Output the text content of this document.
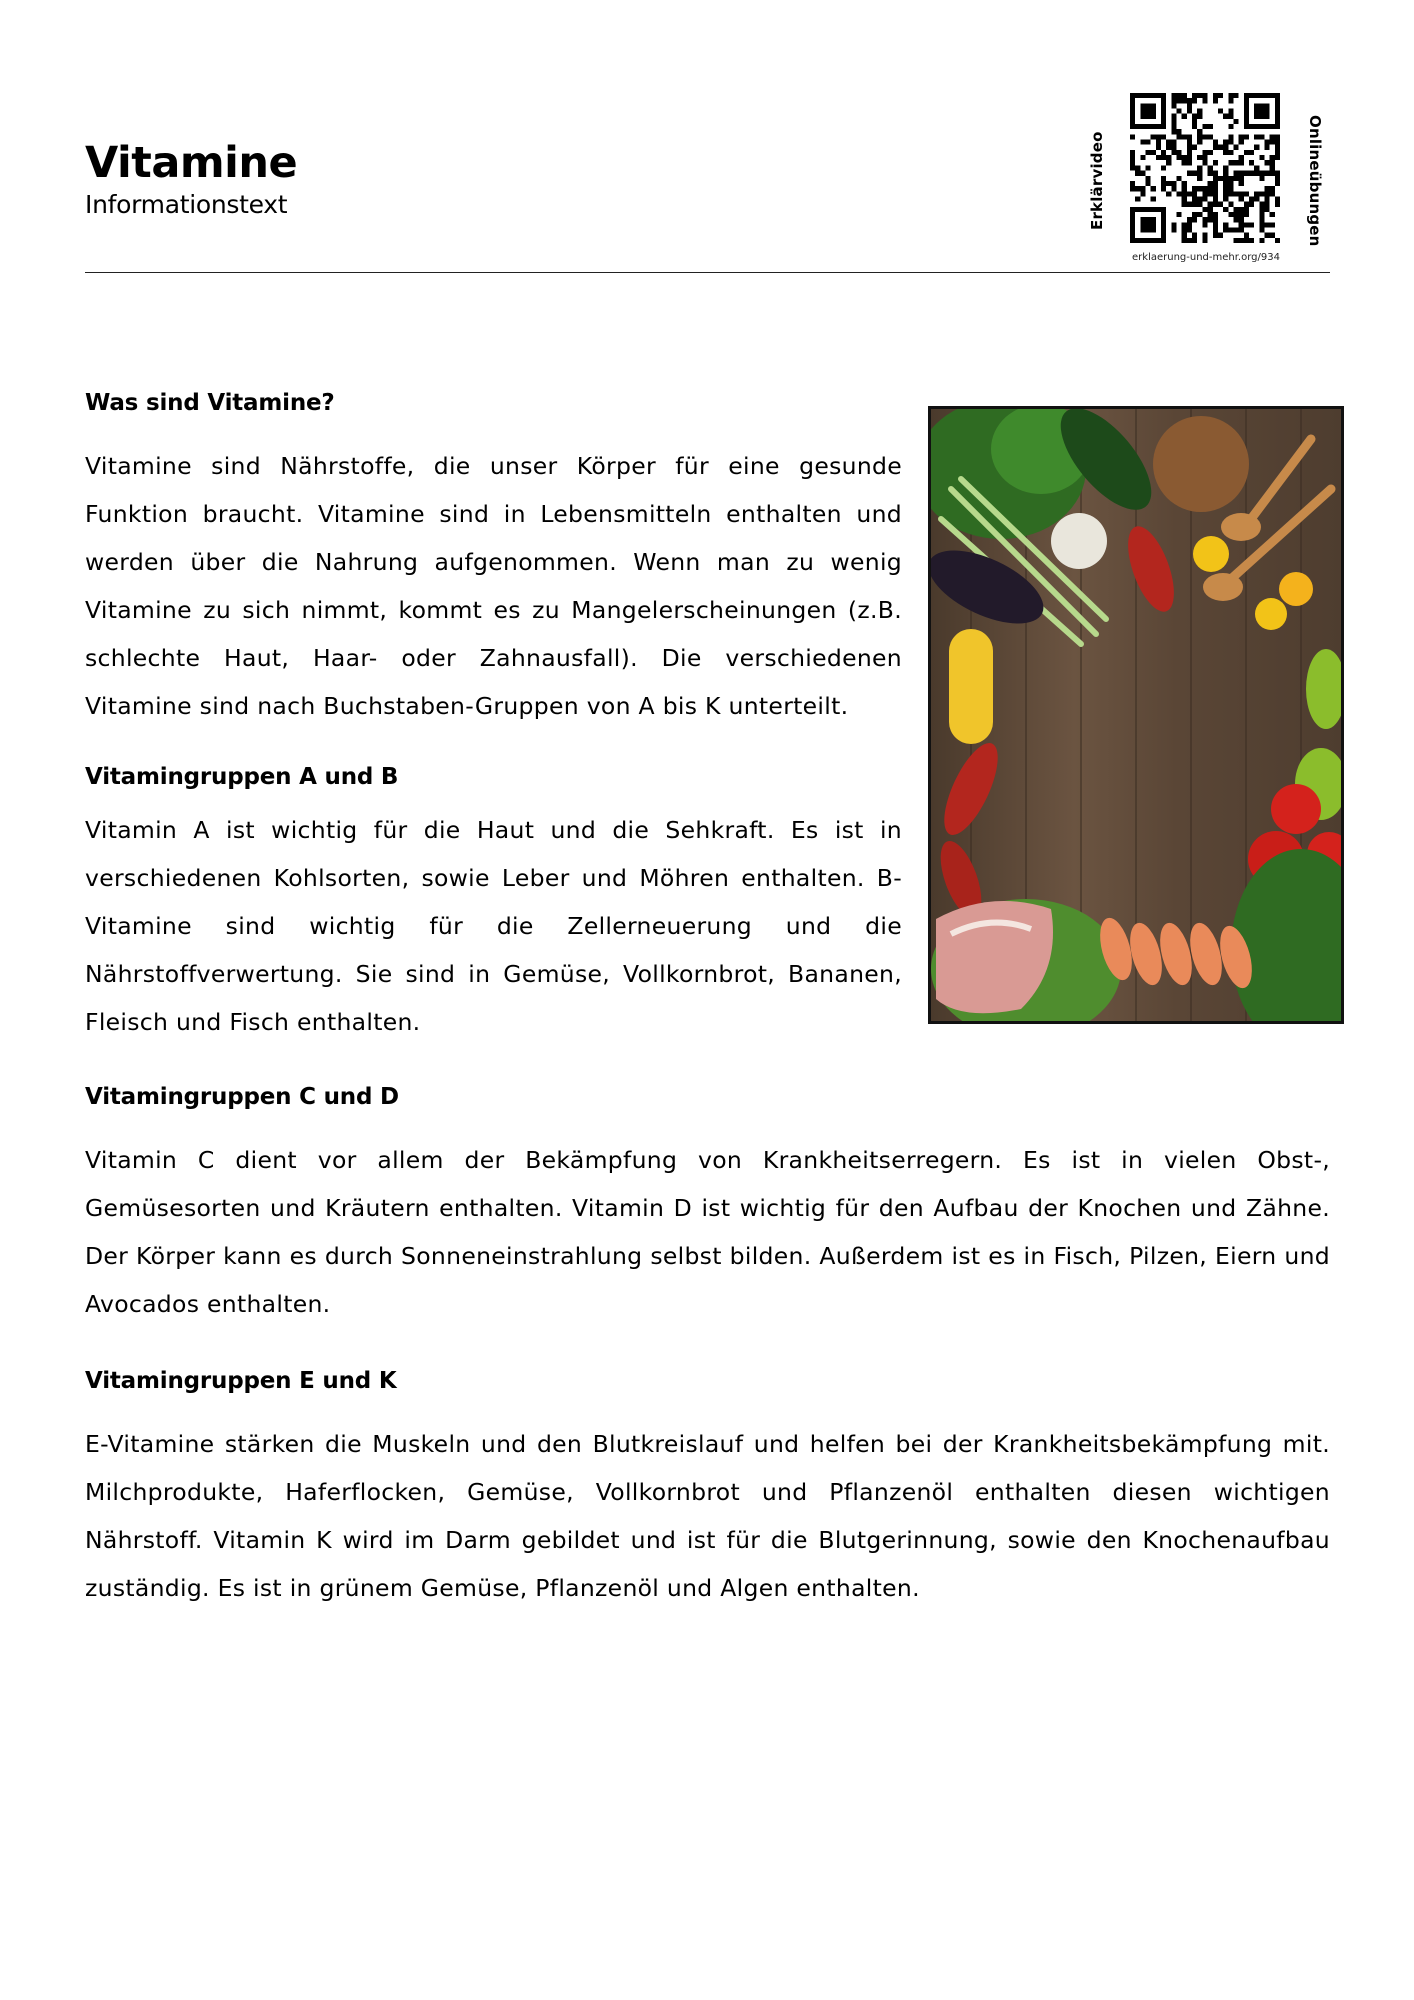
Vitamine
Informationstext	Erklärvideo	Onlineübungen
erklaerung-und-mehr.org/934
Was sind Vitamine?

Vitamine sind Nährstoffe, die unser Körper für eine gesunde Funktion braucht. Vitamine sind in Lebensmitteln enthalten und werden über die Nahrung aufgenommen. Wenn man zu wenig Vitamine zu sich nimmt, kommt es zu Mangelerscheinungen (z.B. schlechte Haut, Haar- oder Zahnausfall). Die verschiedenen Vitamine sind nach Buchstaben-Gruppen von A bis K unterteilt.

Vitamingruppen A und B

Vitamin A ist wichtig für die Haut und die Sehkraft. Es ist in verschiedenen Kohlsorten, sowie Leber und Möhren enthalten. B-Vitamine sind wichtig für die Zellerneuerung und die Nährstoffverwertung. Sie sind in Gemüse, Vollkornbrot, Bananen, Fleisch und Fisch enthalten.

Vitamingruppen C und D

Vitamin C dient vor allem der Bekämpfung von Krankheitserregern. Es ist in vielen Obst-, Gemüsesorten und Kräutern enthalten. Vitamin D ist wichtig für den Aufbau der Knochen und Zähne. Der Körper kann es durch Sonneneinstrahlung selbst bilden. Außerdem ist es in Fisch, Pilzen, Eiern und Avocados enthalten.

Vitamingruppen E und K

E-Vitamine stärken die Muskeln und den Blutkreislauf und helfen bei der Krankheitsbekämpfung mit. Milchprodukte, Haferflocken, Gemüse, Vollkornbrot und Pflanzenöl enthalten diesen wichtigen Nährstoff. Vitamin K wird im Darm gebildet und ist für die Blutgerinnung, sowie den Knochenaufbau zuständig. Es ist in grünem Gemüse, Pflanzenöl und Algen enthalten.
